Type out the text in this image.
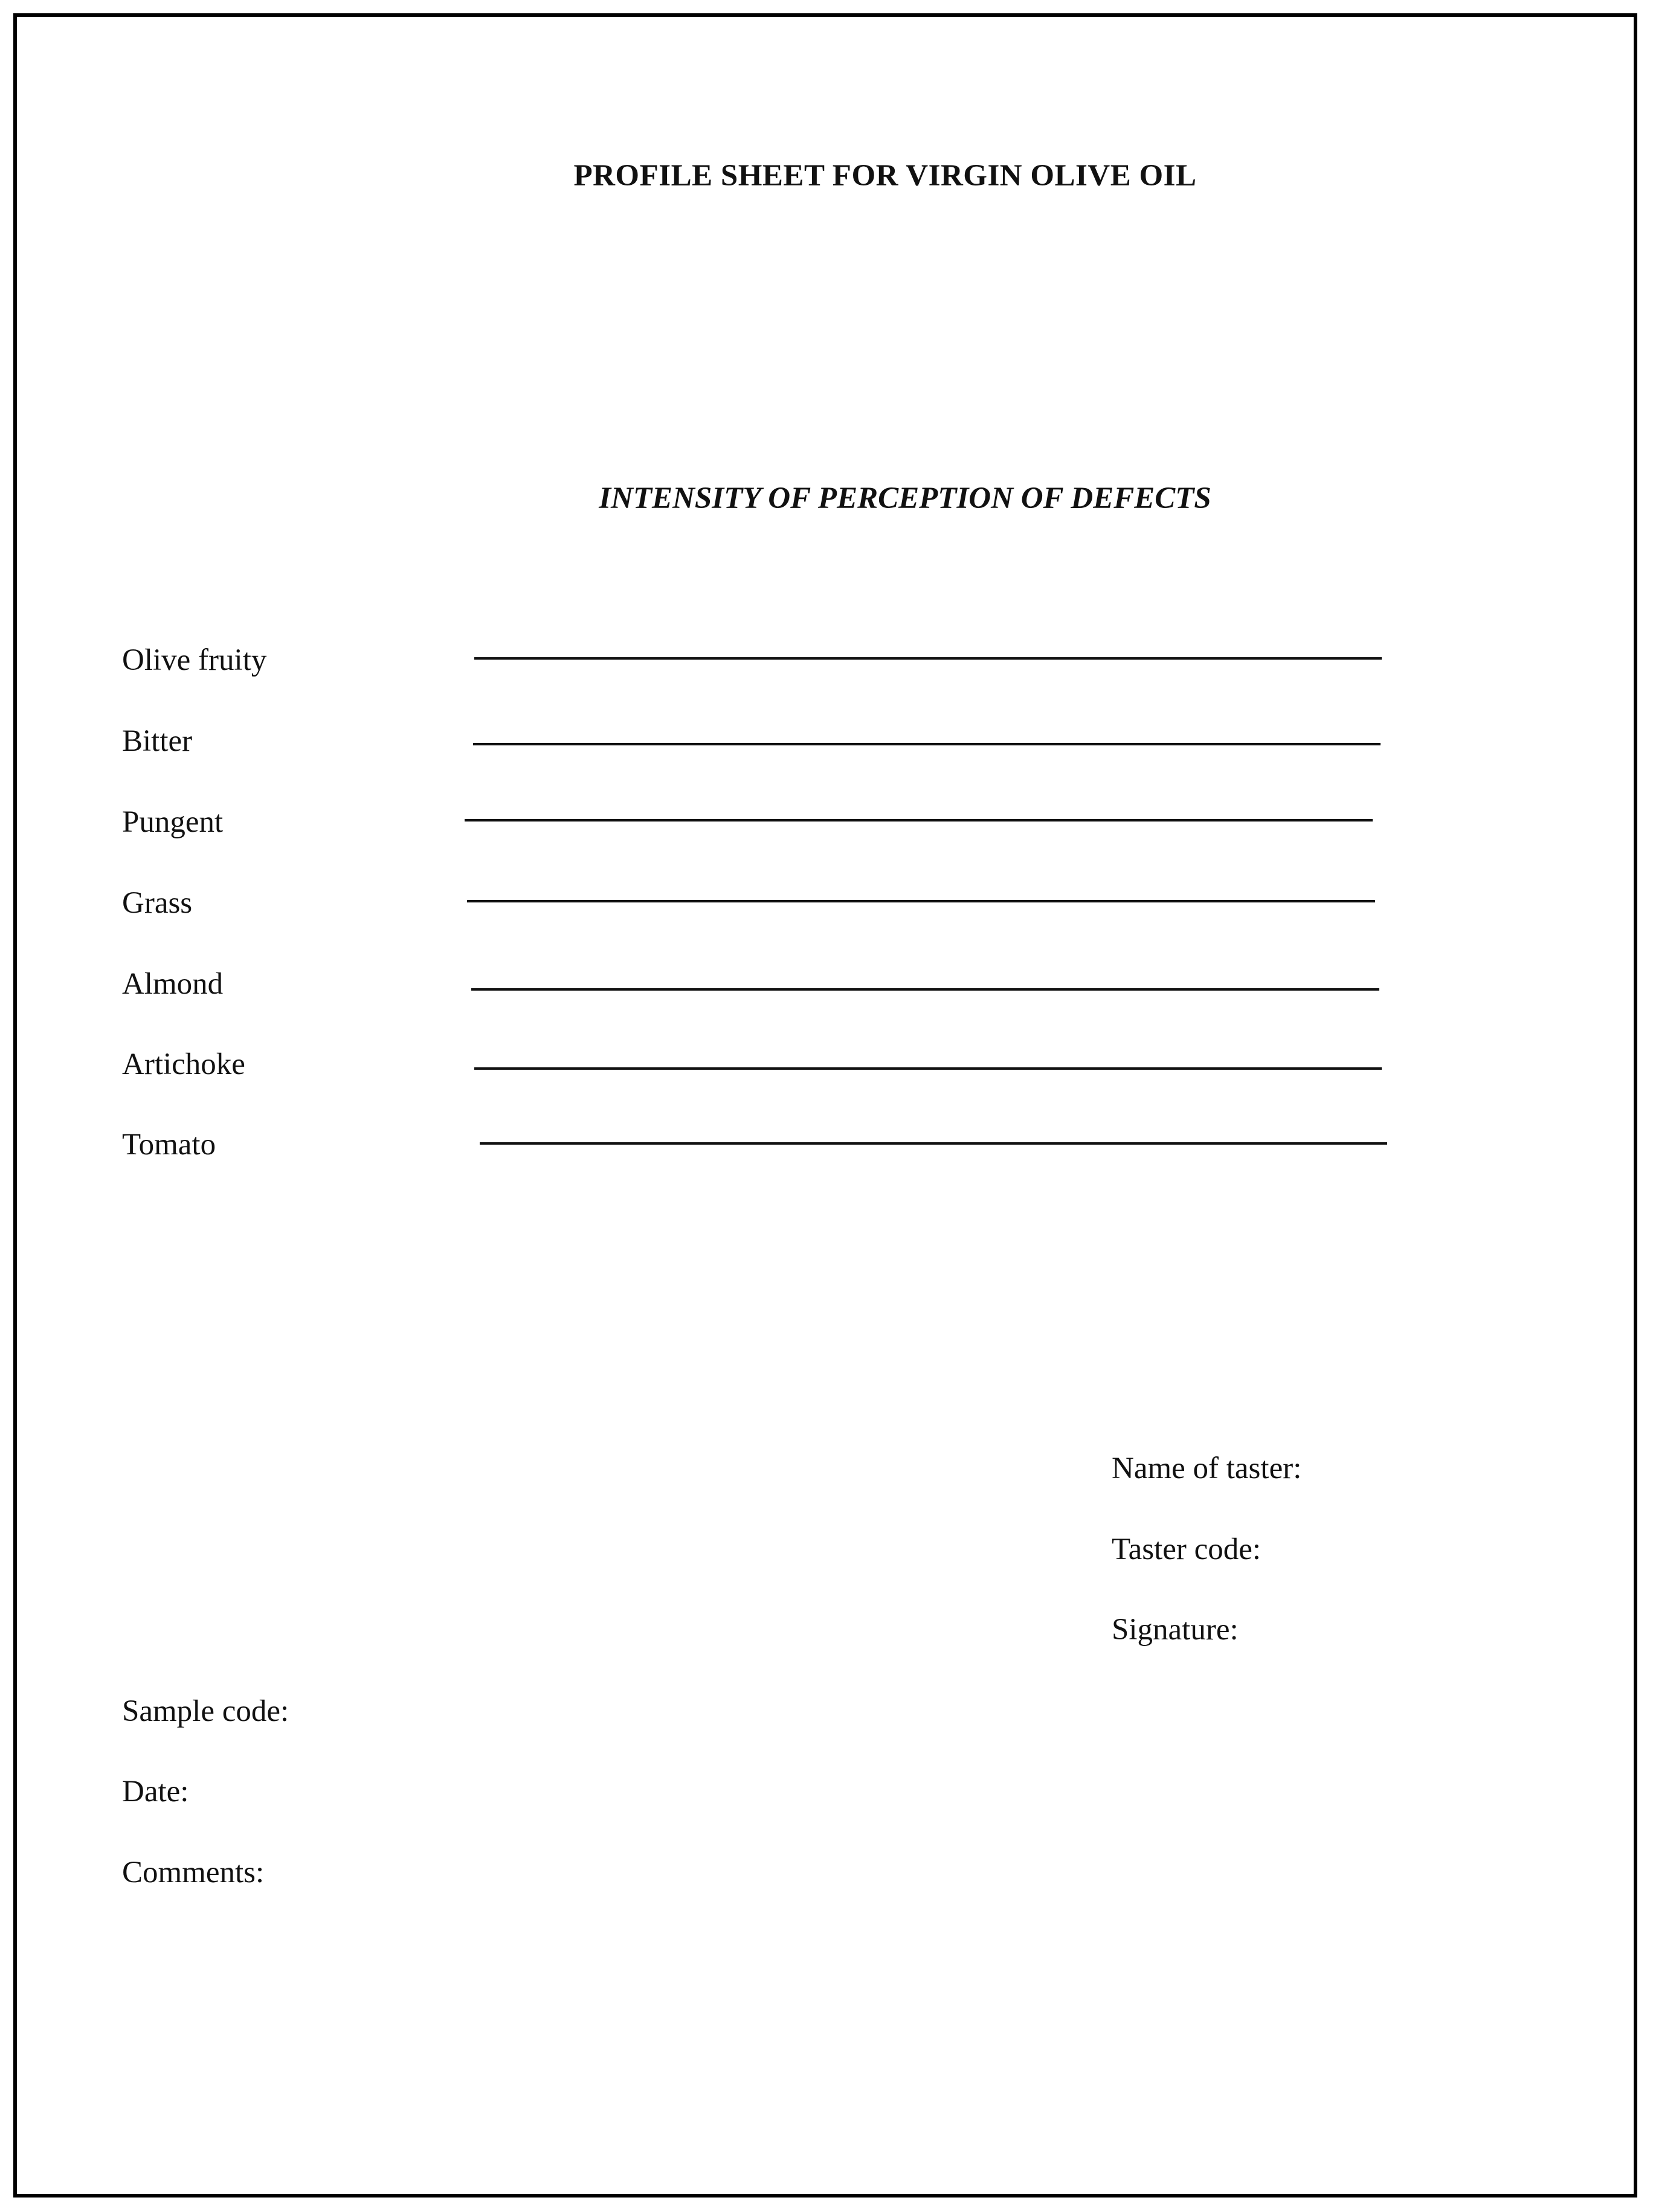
PROFILE SHEET FOR VIRGIN OLIVE OIL
INTENSITY OF PERCEPTION OF DEFECTS
Olive fruity
Bitter
Pungent
Grass
Almond
Artichoke
Tomato
Name of taster:
Taster code:
Signature:
Sample code:
Date:
Comments:
